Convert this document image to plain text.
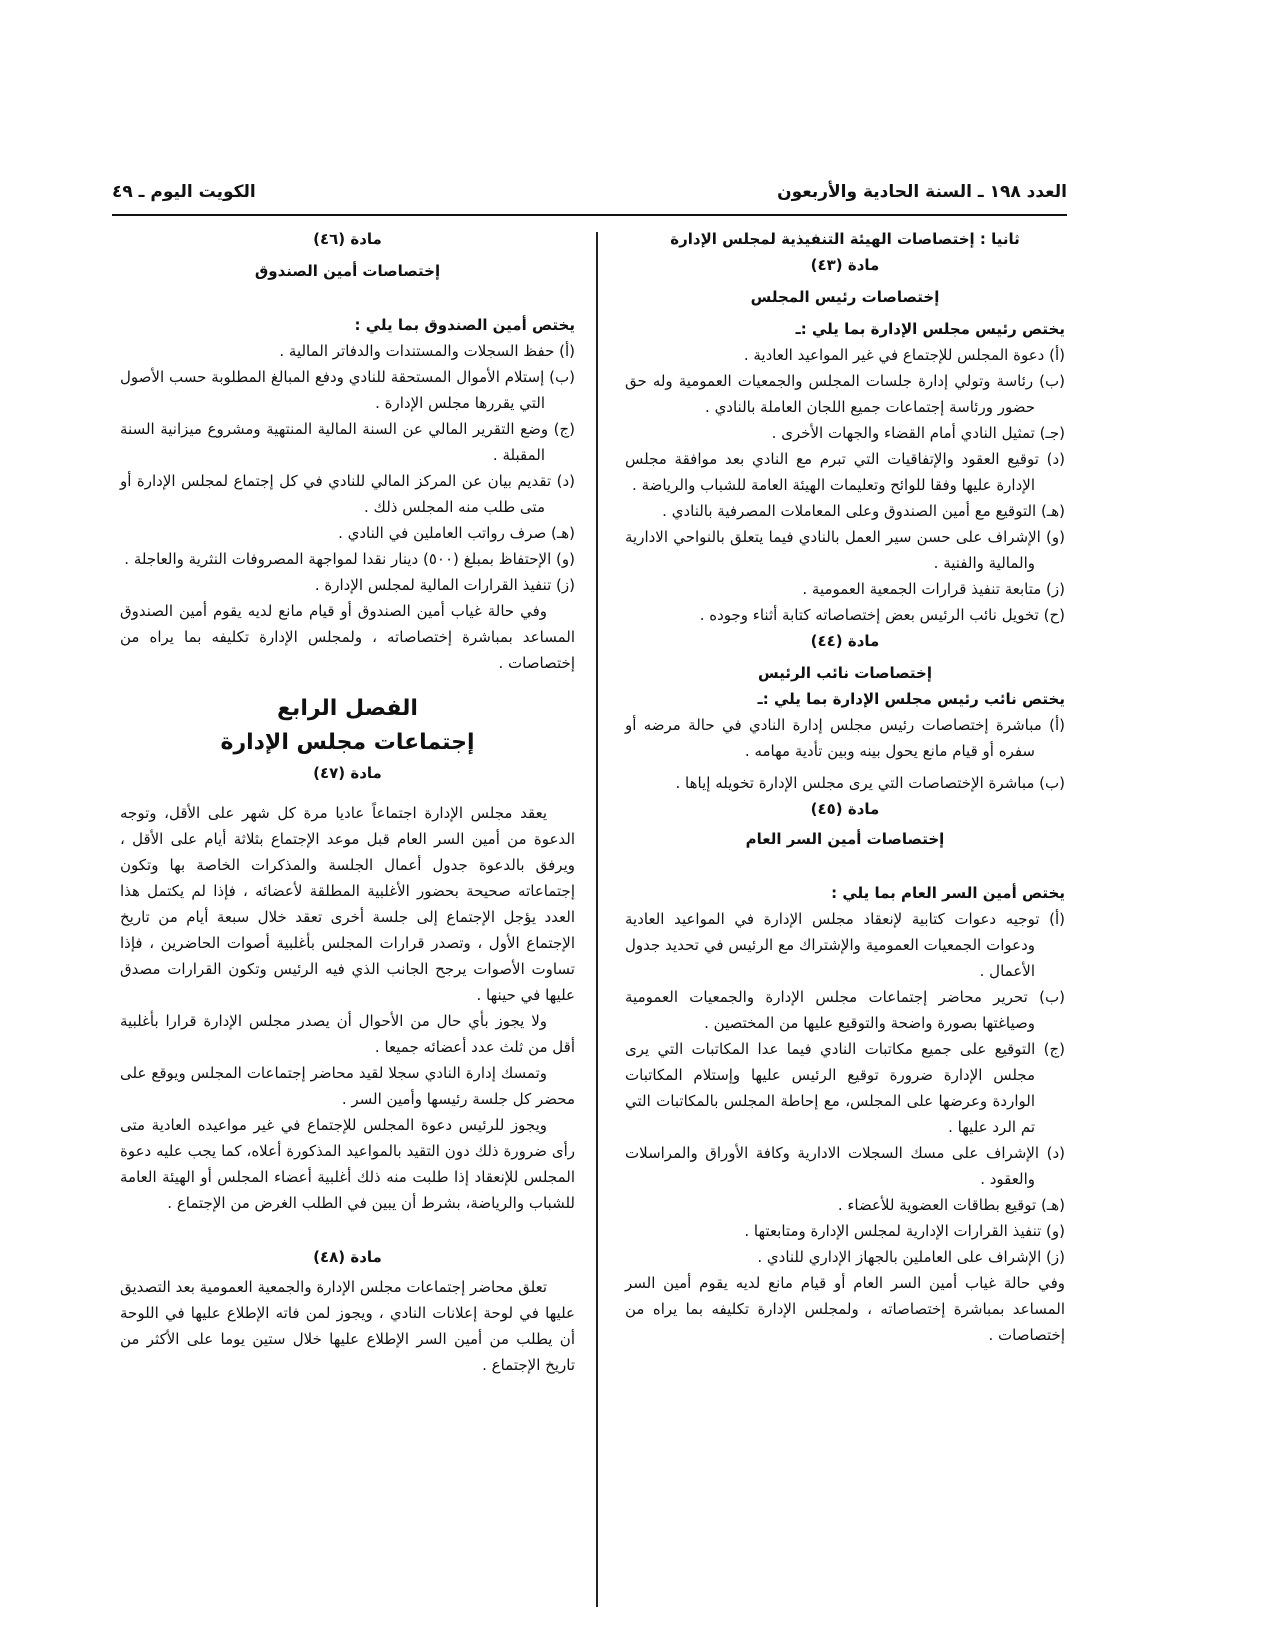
العدد ١٩٨ ـ السنة الحادية والأربعون
الكويت اليوم ـ ٤٩

ثانيا : إختصاصات الهيئة التنفيذية لمجلس الإدارة

مادة (٤٣)

إختصاصات رئيس المجلس

يختص رئيس مجلس الإدارة بما يلي :ـ

(أ) دعوة المجلس للإجتماع في غير المواعيد العادية .

(ب) رئاسة وتولي إدارة جلسات المجلس والجمعيات العمومية وله حق حضور ورئاسة إجتماعات جميع اللجان العاملة بالنادي .

(جـ) تمثيل النادي أمام القضاء والجهات الأخرى .

(د) توقيع العقود والإتفاقيات التي تبرم مع النادي بعد موافقة مجلس الإدارة عليها وفقا للوائح وتعليمات الهيئة العامة للشباب والرياضة .

(هـ) التوقيع مع أمين الصندوق وعلى المعاملات المصرفية بالنادي .

(و) الإشراف على حسن سير العمل بالنادي فيما يتعلق بالنواحي الادارية والمالية والفنية .

(ز) متابعة تنفيذ قرارات الجمعية العمومية .

(ح) تخويل نائب الرئيس بعض إختصاصاته كتابة أثناء وجوده .

مادة (٤٤)

إختصاصات نائب الرئيس

يختص نائب رئيس مجلس الإدارة بما يلي :ـ

(أ) مباشرة إختصاصات رئيس مجلس إدارة النادي في حالة مرضه أو سفره أو قيام مانع يحول بينه وبين تأدية مهامه .

(ب) مباشرة الإختصاصات التي يرى مجلس الإدارة تخويله إياها .

مادة (٤٥)

إختصاصات أمين السر العام

يختص أمين السر العام بما يلي :

(أ) توجيه دعوات كتابية لإنعقاد مجلس الإدارة في المواعيد العادية ودعوات الجمعيات العمومية والإشتراك مع الرئيس في تحديد جدول الأعمال .

(ب) تحرير محاضر إجتماعات مجلس الإدارة والجمعيات العمومية وصياغتها بصورة واضحة والتوقيع عليها من المختصين .

(ج) التوقيع على جميع مكاتبات النادي فيما عدا المكاتبات التي يرى مجلس الإدارة ضرورة توقيع الرئيس عليها وإستلام المكاتبات الواردة وعرضها على المجلس، مع إحاطة المجلس بالمكاتبات التي تم الرد عليها .

(د) الإشراف على مسك السجلات الادارية وكافة الأوراق والمراسلات والعقود .

(هـ) توقيع بطاقات العضوية للأعضاء .

(و) تنفيذ القرارات الإدارية لمجلس الإدارة ومتابعتها .

(ز) الإشراف على العاملين بالجهاز الإداري للنادي .

وفي حالة غياب أمين السر العام أو قيام مانع لديه يقوم أمين السر المساعد بمباشرة إختصاصاته ، ولمجلس الإدارة تكليفه بما يراه من إختصاصات .

مادة (٤٦)

إختصاصات أمين الصندوق

يختص أمين الصندوق بما يلي :

(أ) حفظ السجلات والمستندات والدفاتر المالية .

(ب) إستلام الأموال المستحقة للنادي ودفع المبالغ المطلوبة حسب الأصول التي يقررها مجلس الإدارة .

(ج) وضع التقرير المالي عن السنة المالية المنتهية ومشروع ميزانية السنة المقبلة .

(د) تقديم بيان عن المركز المالي للنادي في كل إجتماع لمجلس الإدارة أو متى طلب منه المجلس ذلك .

(هـ) صرف رواتب العاملين في النادي .

(و) الإحتفاظ بمبلغ (٥٠٠) دينار نقدا لمواجهة المصروفات النثرية والعاجلة .

(ز) تنفيذ القرارات المالية لمجلس الإدارة .

وفي حالة غياب أمين الصندوق أو قيام مانع لديه يقوم أمين الصندوق المساعد بمباشرة إختصاصاته ، ولمجلس الإدارة تكليفه بما يراه من إختصاصات .

الفصل الرابع

إجتماعات مجلس الإدارة

مادة (٤٧)

يعقد مجلس الإدارة اجتماعاً عاديا مرة كل شهر على الأقل، وتوجه الدعوة من أمين السر العام قبل موعد الإجتماع بثلاثة أيام على الأقل ، ويرفق بالدعوة جدول أعمال الجلسة والمذكرات الخاصة بها وتكون إجتماعاته صحيحة بحضور الأغلبية المطلقة لأعضائه ، فإذا لم يكتمل هذا العدد يؤجل الإجتماع إلى جلسة أخرى تعقد خلال سبعة أيام من تاريخ الإجتماع الأول ، وتصدر قرارات المجلس بأغلبية أصوات الحاضرين ، فإذا تساوت الأصوات يرجح الجانب الذي فيه الرئيس وتكون القرارات مصدق عليها في حينها .

ولا يجوز بأي حال من الأحوال أن يصدر مجلس الإدارة قرارا بأغلبية أقل من ثلث عدد أعضائه جميعا .

وتمسك إدارة النادي سجلا لقيد محاضر إجتماعات المجلس ويوقع على محضر كل جلسة رئيسها وأمين السر .

ويجوز للرئيس دعوة المجلس للإجتماع في غير مواعيده العادية متى رأى ضرورة ذلك دون التقيد بالمواعيد المذكورة أعلاه، كما يجب عليه دعوة المجلس للإنعقاد إذا طلبت منه ذلك أغلبية أعضاء المجلس أو الهيئة العامة للشباب والرياضة، بشرط أن يبين في الطلب الغرض من الإجتماع .

مادة (٤٨)

تعلق محاضر إجتماعات مجلس الإدارة والجمعية العمومية بعد التصديق عليها في لوحة إعلانات النادي ، ويجوز لمن فاته الإطلاع عليها في اللوحة أن يطلب من أمين السر الإطلاع عليها خلال ستين يوما على الأكثر من تاريخ الإجتماع .
